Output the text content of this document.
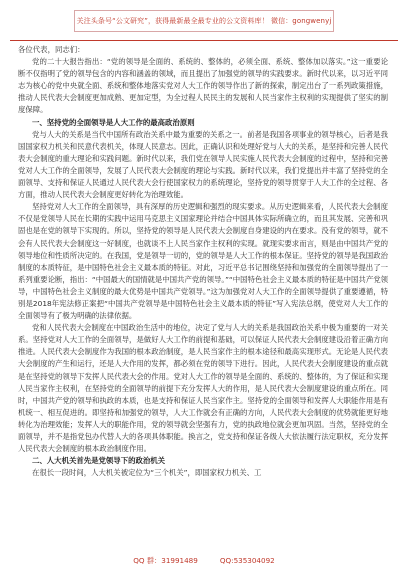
关注头条号“公文研究”，获得最新最全最专业的公文资料库！ 微信：gongwenyj

各位代表，同志们：

党的二十大报告指出：“党的领导是全面的、系统的、整体的，必须全面、系统、整体加以落实。”这一重要论断不仅指明了党的领导包含的内容和涵盖的领域，而且提出了加强党的领导的实践要求。新时代以来，以习近平同志为核心的党中央就全面、系统和整体地落实党对人大工作的领导作出了新的探索，制定出台了一系列政策措施，推动人民代表大会制度更加成熟、更加定型，为全过程人民民主的发展和人民当家作主权利的实现提供了坚实的制度保障。

一、坚持党的全面领导是人大工作的最高政治原则

党与人大的关系是当代中国所有政治关系中最为重要的关系之一。前者是我国各项事业的领导核心，后者是我国国家权力机关和民意代表机关，体现人民意志。因此，正确认识和处理好党与人大的关系，是坚持和完善人民代表大会制度的重大理论和实践问题。新时代以来，我们党在领导人民实施人民代表大会制度的过程中，坚持和完善党对人大工作的全面领导，发展了人民代表大会制度的理论与实践。新时代以来，我们党提出并丰富了坚持党的全面领导、支持和保证人民通过人民代表大会行使国家权力的系统理论，坚持党的领导贯穿于人大工作的全过程、各方面，推动人民代表大会制度更好转化为治理效能。

坚持党对人大工作的全面领导，具有深厚的历史逻辑和强烈的现实要求。从历史逻辑来看，人民代表大会制度不仅是党领导人民在长期的实践中运用马克思主义国家理论并结合中国具体实际所确立的，而且其发展、完善和巩固也是在党的领导下实现的。所以，坚持党的领导是人民代表大会制度自身建设的内在要求。没有党的领导，就不会有人民代表大会制度这一好制度，也就谈不上人民当家作主权利的实现。就现实要求而言，则是由中国共产党的领导地位和性质所决定的。在我国，党是领导一切的，党的领导是人大工作的根本保证。坚持党的领导是我国政治制度的本质特征，是中国特色社会主义最本质的特征。对此，习近平总书记围绕坚持和加强党的全面领导提出了一系列重要论断，指出：“中国最大的国情就是中国共产党的领导。”“中国特色社会主义最本质的特征是中国共产党领导，中国特色社会主义制度的最大优势是中国共产党领导。”这为加强党对人大工作的全面领导提供了重要遵循，特别是2018年宪法修正案把“中国共产党领导是中国特色社会主义最本质的特征”写入宪法总纲，使党对人大工作的全面领导有了极为明确的法律依据。

党和人民代表大会制度在中国政治生活中的地位，决定了党与人大的关系是我国政治关系中极为重要的一对关系。坚持党对人大工作的全面领导，是做好人大工作的前提和基础，可以保证人民代表大会制度建设沿着正确方向推进。人民代表大会制度作为我国的根本政治制度，是人民当家作主的根本途径和最高实现形式。无论是人民代表大会制度的产生和运行，还是人大作用的发挥，都必须在党的领导下进行。因此，人民代表大会制度建设的重点就是在坚持党的领导下发挥人民代表大会的作用。党对人大工作的领导是全面的、系统的、整体的，为了保证和实现人民当家作主权利，在坚持党的全面领导的前提下充分发挥人大的作用，是人民代表大会制度建设的重点所在。同时，中国共产党的领导和执政的本质，也是支持和保证人民当家作主。坚持党的全面领导和发挥人大职能作用是有机统一、相互促进的。即坚持和加强党的领导，人大工作就会有正确的方向，人民代表大会制度的优势就能更好地转化为治理效能；发挥人大的职能作用，党的领导就会坚强有力，党的执政地位就会更加巩固。当然，坚持党的全面领导，并不是指党包办代替人大的各项具体职能。换言之，党支持和保证各级人大依法履行法定职权，充分发挥人民代表大会制度的根本政治制度作用。

二、人大机关首先是党领导下的政治机关

在很长一段时间，人大机关被定位为“三个机关”，即国家权力机关、工

QQ 群：31991489	QQ:535304092
